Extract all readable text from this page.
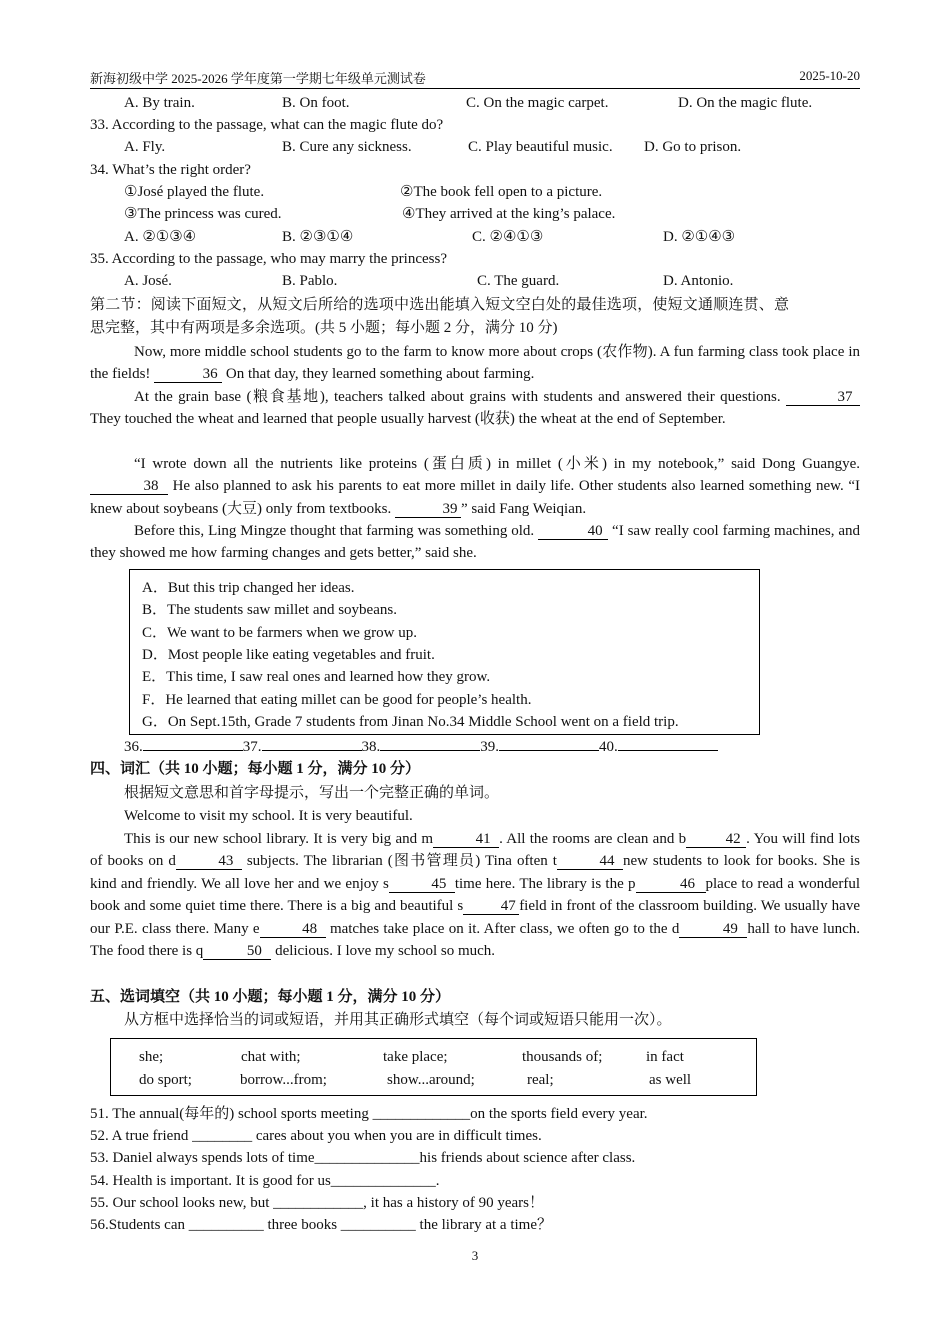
新海初级中学 2025-2026 学年度第一学期七年级单元测试卷	2025-10-20
A. By train.	B. On foot.	C. On the magic carpet.	D. On the magic flute.
33. According to the passage, what can the magic flute do?
A. Fly.	B. Cure any sickness.	C. Play beautiful music. D. Go to prison.
34. What’s the right order?
①José played the flute.	②The book fell open to a picture.
③The princess was cured.	④They arrived at the king’s palace.
A. ②①③④	B. ②③①④	C. ②④①③	D. ②①④③
35. According to the passage, who may marry the princess?
A. José.	B. Pablo.	C. The guard.	D. Antonio.
第二节：阅读下面短文，从短文后所给的选项中选出能填入短文空白处的最佳选项，使短文通顺连贯、意
思完整，其中有两项是多余选项。(共 5 小题；每小题 2 分，满分 10 分)
Now, more middle school students go to the farm to know more about crops (农作物). A fun farming class took place in the fields!	36 On that day, they learned something about farming.
At the grain base (粮食基地), teachers talked about grains with students and answered their questions.	37 They touched the wheat and learned that people usually harvest (收获) the wheat at the end of September.
“I wrote down all the nutrients like proteins (蛋白质) in millet (小米) in my notebook,” said Dong Guangye. 38 He also planned to ask his parents to eat more millet in daily life. Other students also learned something new. “I knew about soybeans (大豆) only from textbooks.	39 ” said Fang Weiqian.
Before this, Ling Mingze thought that farming was something old.	40 “I saw really cool farming machines, and they showed me how farming changes and gets better,” said she.
A．But this trip changed her ideas.
B．The students saw millet and soybeans.
C．We want to be farmers when we grow up.
D．Most people like eating vegetables and fruit.
E．This time, I saw real ones and learned how they grow.
F．He learned that eating millet can be good for people’s health.
G．On Sept.15th, Grade 7 students from Jinan No.34 Middle School went on a field trip.
36.	37.	38.	39.	40.
四、词汇（共 10 小题；每小题 1 分，满分 10 分）
根据短文意思和首字母提示，写出一个完整正确的单词。
Welcome to visit my school. It is very beautiful.
This is our new school library. It is very big and m	41 . All the rooms are clean and b	42 . You will find lots of books on d	43 subjects. The librarian (图书管理员) Tina often t	44 new students to look for books. She is kind and friendly. We all love her and we enjoy s	45 time here. The library is the p	46 place to read a wonderful book and some quiet time there. There is a big and beautiful s	47 field in front of the classroom building. We usually have our P.E. class there. Many e	48 matches take place on it. After class, we often go to the d	49 hall to have lunch. The food there is q	50 delicious. I love my school so much.
五、选词填空（共 10 小题；每小题 1 分，满分 10 分）
从方框中选择恰当的词或短语，并用其正确形式填空（每个词或短语只能用一次）。
she;	chat with;	take place;	thousands of;	in fact
do sport;	borrow...from;	show...around;	real;	as well
51. The annual(每年的) school sports meeting _____________on the sports field every year.
52. A true friend ________ cares about you when you are in difficult times.
53. Daniel always spends lots of time______________his friends about science after class.
54. Health is important. It is good for us______________.
55. Our school looks new, but ____________, it has a history of 90 years！
56.Students can __________ three books __________ the library at a time？
3
